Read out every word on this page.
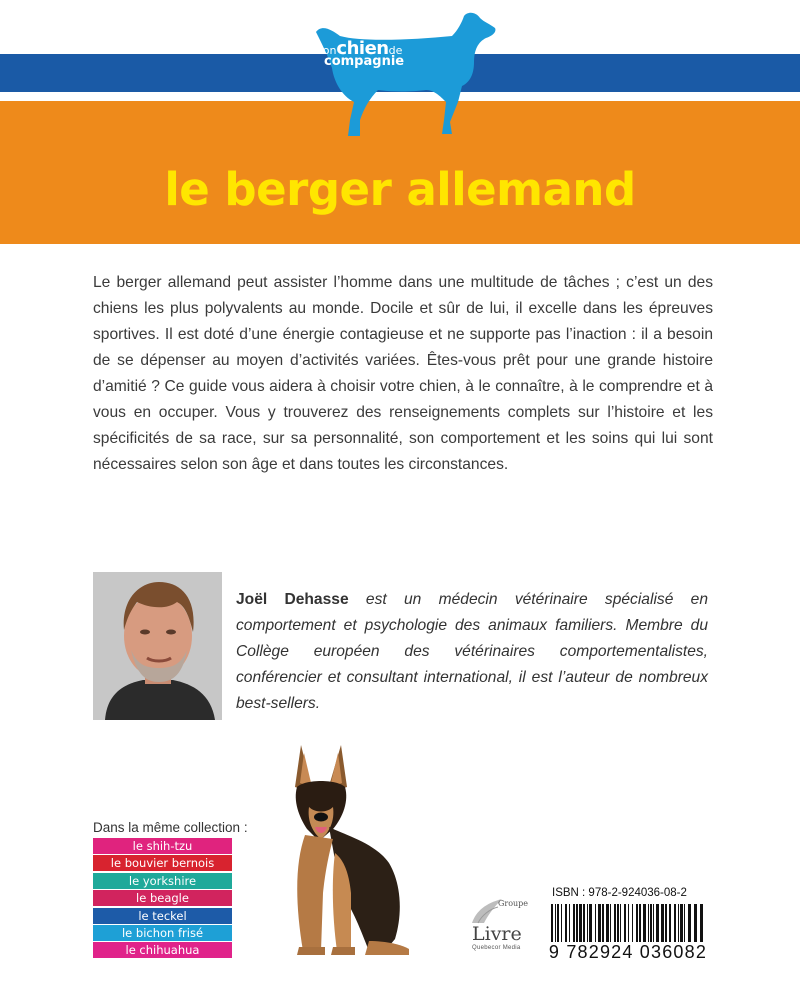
monchiende
compagnie
le berger allemand

Le berger allemand peut assister l’homme dans une multitude de tâches ; c’est un des chiens les plus polyvalents au monde. Docile et sûr de lui, il excelle dans les épreuves sportives. Il est doté d’une énergie contagieuse et ne supporte pas l’inaction : il a besoin de se dépenser au moyen d’activités variées. Êtes-vous prêt pour une grande histoire d’amitié ? Ce guide vous aidera à choisir votre chien, à le connaître, à le comprendre et à vous en occuper. Vous y trouverez des renseignements complets sur l’histoire et les spécificités de sa race, sur sa personnalité, son comportement et les soins qui lui sont nécessaires selon son âge et dans toutes les circonstances.

Joël Dehasse est un médecin vétérinaire spécialisé en comportement et psychologie des animaux familiers. Membre du Collège européen des vétérinaires comportementalistes, conférencier et consultant international, il est l’auteur de nombreux best-sellers.

Dans la même collection :
le shih-tzu
le bouvier bernois
le yorkshire
le beagle
le teckel
le bichon frisé
le chihuahua
Groupe
Livre
Quebecor Media
ISBN : 978-2-924036-08-2
9 782924 036082
